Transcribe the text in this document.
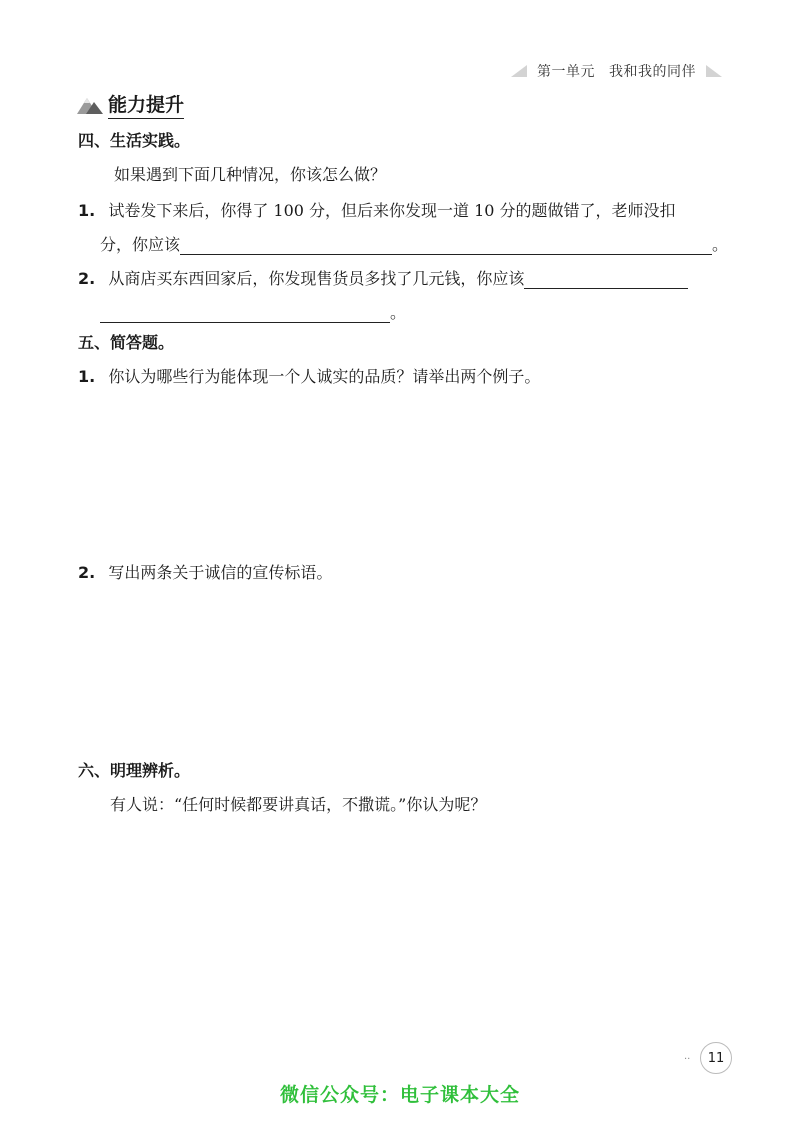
第一单元 我和我的同伴
能力提升
四、生活实践。
如果遇到下面几种情况，你该怎么做？
1. 试卷发下来后，你得了 100 分，但后来你发现一道 10 分的题做错了，老师没扣
分，你应该	。
2. 从商店买东西回家后，你发现售货员多找了几元钱，你应该
。
五、简答题。
1. 你认为哪些行为能体现一个人诚实的品质？请举出两个例子。
2. 写出两条关于诚信的宣传标语。
六、明理辨析。
有人说：“任何时候都要讲真话，不撒谎。”你认为呢？
··	11
微信公众号：电子课本大全
